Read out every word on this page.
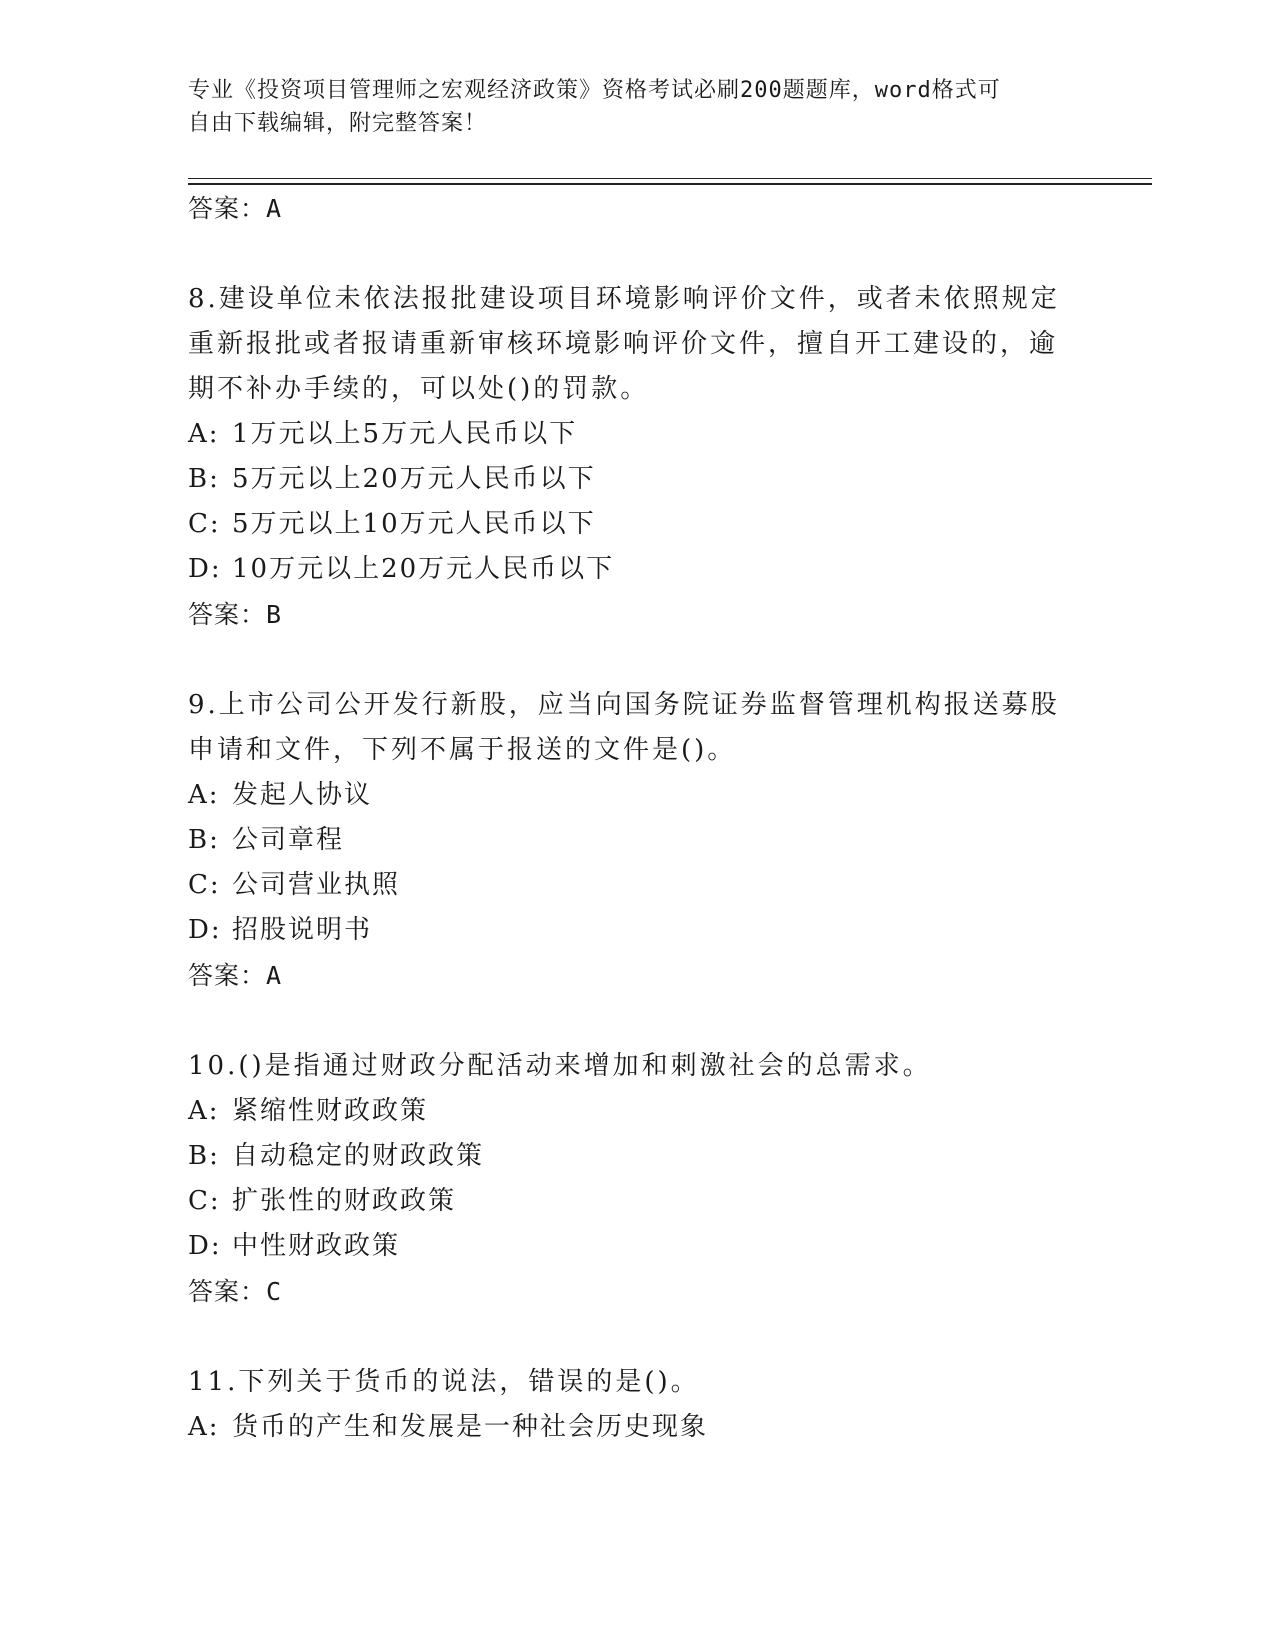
专业《投资项目管理师之宏观经济政策》资格考试必刷200题题库，word格式可
自由下载编辑，附完整答案！
答案：A
8.建设单位未依法报批建设项目环境影响评价文件，或者未依照规定重新报批或者报请重新审核环境影响评价文件，擅自开工建设的，逾期不补办手续的，可以处()的罚款。
A: 1万元以上5万元人民币以下
B: 5万元以上20万元人民币以下
C: 5万元以上10万元人民币以下
D: 10万元以上20万元人民币以下
答案：B
9.上市公司公开发行新股，应当向国务院证券监督管理机构报送募股申请和文件，下列不属于报送的文件是()。
A: 发起人协议
B: 公司章程
C: 公司营业执照
D: 招股说明书
答案：A
10.()是指通过财政分配活动来增加和刺激社会的总需求。
A: 紧缩性财政政策
B: 自动稳定的财政政策
C: 扩张性的财政政策
D: 中性财政政策
答案：C
11.下列关于货币的说法，错误的是()。
A: 货币的产生和发展是一种社会历史现象
